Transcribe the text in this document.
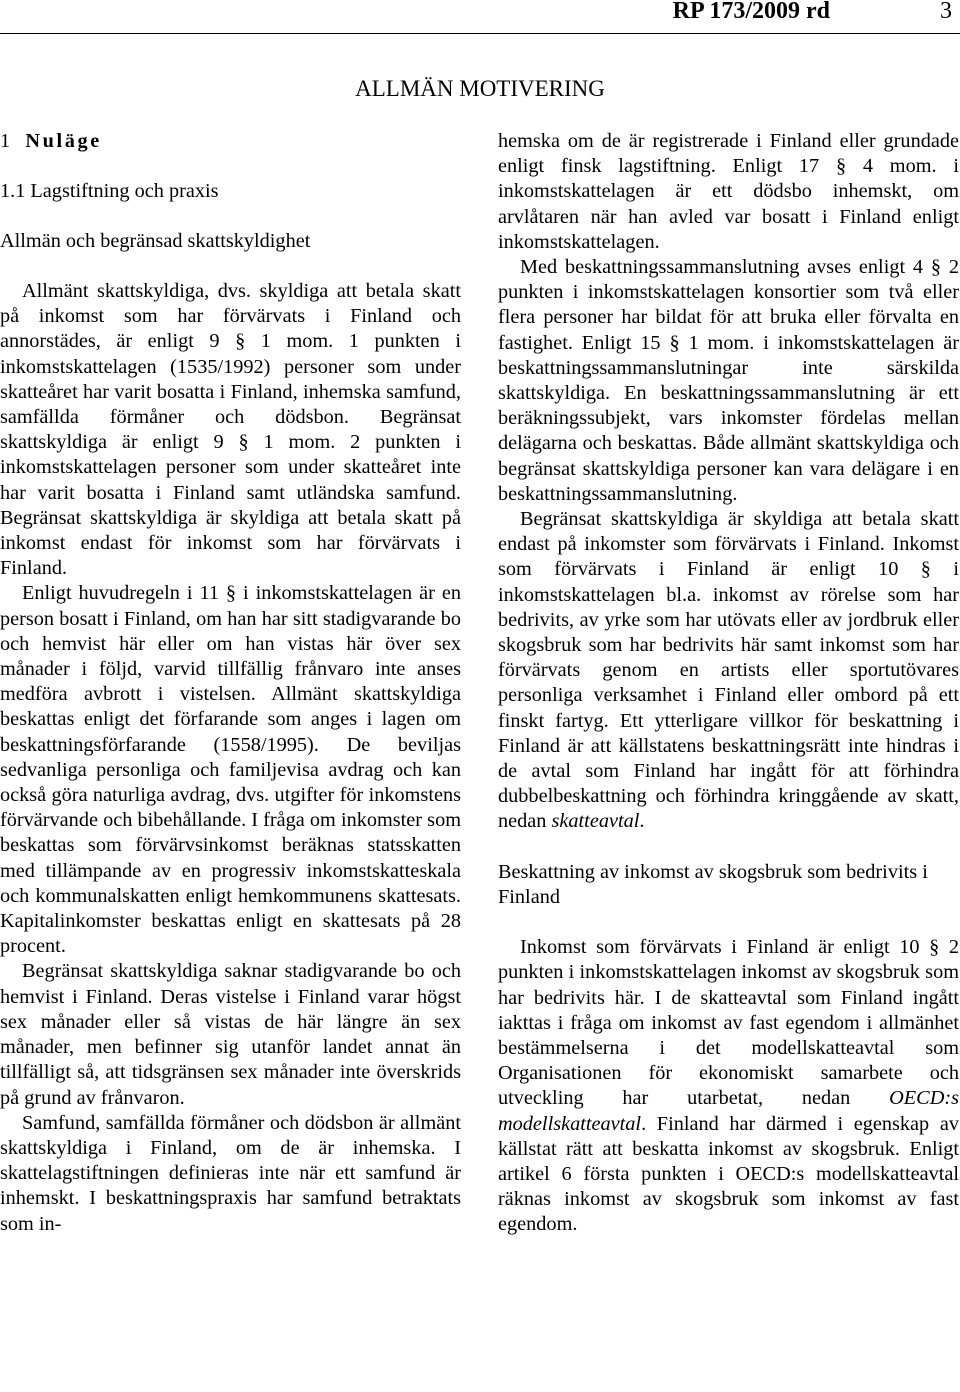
RP 173/2009 rd	3
ALLMÄN MOTIVERING
1 Nuläge
1.1 Lagstiftning och praxis
Allmän och begränsad skattskyldighet

Allmänt skattskyldiga, dvs. skyldiga att betala skatt på inkomst som har förvärvats i Finland och annorstädes, är enligt 9 § 1 mom. 1 punkten i inkomstskattelagen (1535/1992) personer som under skatteåret har varit bosatta i Finland, inhemska samfund, samfällda förmåner och dödsbon. Begränsat skattskyldiga är enligt 9 § 1 mom. 2 punkten i inkomstskattelagen personer som under skatteåret inte har varit bosatta i Finland samt utländska samfund. Begränsat skattskyldiga är skyldiga att betala skatt på inkomst endast för inkomst som har förvärvats i Finland.

Enligt huvudregeln i 11 § i inkomstskattelagen är en person bosatt i Finland, om han har sitt stadigvarande bo och hemvist här eller om han vistas här över sex månader i följd, varvid tillfällig frånvaro inte anses medföra avbrott i vistelsen. Allmänt skattskyldiga beskattas enligt det förfarande som anges i lagen om beskattningsförfarande (1558/1995). De beviljas sedvanliga personliga och familjevisa avdrag och kan också göra naturliga avdrag, dvs. utgifter för inkomstens förvärvande och bibehållande. I fråga om inkomster som beskattas som förvärvsinkomst beräknas statsskatten med tillämpande av en progressiv inkomstskatteskala och kommunalskatten enligt hemkommunens skattesats. Kapitalinkomster beskattas enligt en skattesats på 28 procent.

Begränsat skattskyldiga saknar stadigvarande bo och hemvist i Finland. Deras vistelse i Finland varar högst sex månader eller så vistas de här längre än sex månader, men befinner sig utanför landet annat än tillfälligt så, att tidsgränsen sex månader inte överskrids på grund av frånvaron.

Samfund, samfällda förmåner och dödsbon är allmänt skattskyldiga i Finland, om de är inhemska. I skattelagstiftningen definieras inte när ett samfund är inhemskt. I beskattningspraxis har samfund betraktats som in-

hemska om de är registrerade i Finland eller grundade enligt finsk lagstiftning. Enligt 17 § 4 mom. i inkomstskattelagen är ett dödsbo inhemskt, om arvlåtaren när han avled var bosatt i Finland enligt inkomstskattelagen.

Med beskattningssammanslutning avses enligt 4 § 2 punkten i inkomstskattelagen konsortier som två eller flera personer har bildat för att bruka eller förvalta en fastighet. Enligt 15 § 1 mom. i inkomstskattelagen är beskattningssammanslutningar inte särskilda skattskyldiga. En beskattningssammanslutning är ett beräkningssubjekt, vars inkomster fördelas mellan delägarna och beskattas. Både allmänt skattskyldiga och begränsat skattskyldiga personer kan vara delägare i en beskattningssammanslutning.

Begränsat skattskyldiga är skyldiga att betala skatt endast på inkomster som förvärvats i Finland. Inkomst som förvärvats i Finland är enligt 10 § i inkomstskattelagen bl.a. inkomst av rörelse som har bedrivits, av yrke som har utövats eller av jordbruk eller skogsbruk som har bedrivits här samt inkomst som har förvärvats genom en artists eller sportutövares personliga verksamhet i Finland eller ombord på ett finskt fartyg. Ett ytterligare villkor för beskattning i Finland är att källstatens beskattningsrätt inte hindras i de avtal som Finland har ingått för att förhindra dubbelbeskattning och förhindra kringgående av skatt, nedan skatteavtal.

Beskattning av inkomst av skogsbruk som bedrivits i Finland

Inkomst som förvärvats i Finland är enligt 10 § 2 punkten i inkomstskattelagen inkomst av skogsbruk som har bedrivits här. I de skatteavtal som Finland ingått iakttas i fråga om inkomst av fast egendom i allmänhet bestämmelserna i det modellskatteavtal som Organisationen för ekonomiskt samarbete och utveckling har utarbetat, nedan OECD:s modellskatteavtal. Finland har därmed i egenskap av källstat rätt att beskatta inkomst av skogsbruk. Enligt artikel 6 första punkten i OECD:s modellskatteavtal räknas inkomst av skogsbruk som inkomst av fast egendom.
